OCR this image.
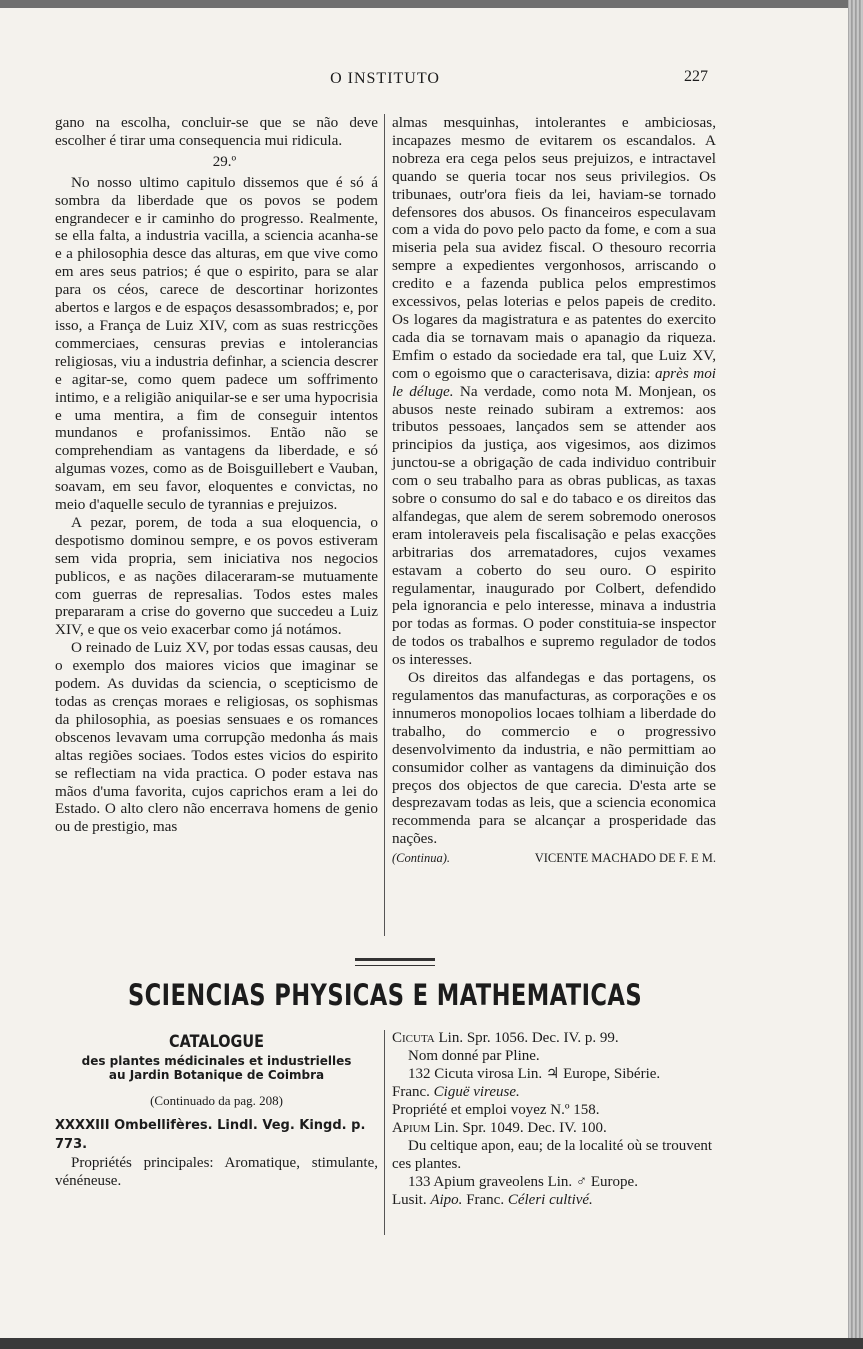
O INSTITUTO	227

gano na escolha, concluir-se que se não deve escolher é tirar uma consequencia mui ridicula.

29.º

No nosso ultimo capitulo dissemos que é só á sombra da liberdade que os povos se podem engrandecer e ir caminho do progresso. Realmente, se ella falta, a industria vacilla, a sciencia acanha-se e a philosophia desce das alturas, em que vive como em ares seus patrios; é que o espirito, para se alar para os céos, carece de descortinar horizontes abertos e largos e de espaços desassombrados; e, por isso, a França de Luiz XIV, com as suas restricções commerciaes, censuras previas e intolerancias religiosas, viu a industria definhar, a sciencia descrer e agitar-se, como quem padece um soffrimento intimo, e a religião aniquilar-se e ser uma hypocrisia e uma mentira, a fim de conseguir intentos mundanos e profanissimos. Então não se comprehendiam as vantagens da liberdade, e só algumas vozes, como as de Boisguillebert e Vauban, soavam, em seu favor, eloquentes e convictas, no meio d'aquelle seculo de tyrannias e prejuizos.

A pezar, porem, de toda a sua eloquencia, o despotismo dominou sempre, e os povos estiveram sem vida propria, sem iniciativa nos negocios publicos, e as nações dilaceraram-se mutuamente com guerras de represalias. Todos estes males prepararam a crise do governo que succedeu a Luiz XIV, e que os veio exacerbar como já notámos.

O reinado de Luiz XV, por todas essas causas, deu o exemplo dos maiores vicios que imaginar se podem. As duvidas da sciencia, o scepticismo de todas as crenças moraes e religiosas, os sophismas da philosophia, as poesias sensuaes e os romances obscenos levavam uma corrupção medonha ás mais altas regiões sociaes. Todos estes vicios do espirito se reflectiam na vida practica. O poder estava nas mãos d'uma favorita, cujos caprichos eram a lei do Estado. O alto clero não encerrava homens de genio ou de prestigio, mas

almas mesquinhas, intolerantes e ambiciosas, incapazes mesmo de evitarem os escandalos. A nobreza era cega pelos seus prejuizos, e intractavel quando se queria tocar nos seus privilegios. Os tribunaes, outr'ora fieis da lei, haviam-se tornado defensores dos abusos. Os financeiros especulavam com a vida do povo pelo pacto da fome, e com a sua miseria pela sua avidez fiscal. O thesouro recorria sempre a expedientes vergonhosos, arriscando o credito e a fazenda publica pelos emprestimos excessivos, pelas loterias e pelos papeis de credito. Os logares da magistratura e as patentes do exercito cada dia se tornavam mais o apanagio da riqueza. Emfim o estado da sociedade era tal, que Luiz XV, com o egoismo que o caracterisava, dizia: après moi le déluge. Na verdade, como nota M. Monjean, os abusos neste reinado subiram a extremos: aos tributos pessoaes, lançados sem se attender aos principios da justiça, aos vigesimos, aos dizimos junctou-se a obrigação de cada individuo contribuir com o seu trabalho para as obras publicas, as taxas sobre o consumo do sal e do tabaco e os direitos das alfandegas, que alem de serem sobremodo onerosos eram intoleraveis pela fiscalisação e pelas exacções arbitrarias dos arrematadores, cujos vexames estavam a coberto do seu ouro. O espirito regulamentar, inaugurado por Colbert, defendido pela ignorancia e pelo interesse, minava a industria por todas as formas. O poder constituia-se inspector de todos os trabalhos e supremo regulador de todos os interesses.

Os direitos das alfandegas e das portagens, os regulamentos das manufacturas, as corporações e os innumeros monopolios locaes tolhiam a liberdade do trabalho, do commercio e o progressivo desenvolvimento da industria, e não permittiam ao consumidor colher as vantagens da diminuição dos preços dos objectos de que carecia. D'esta arte se desprezavam todas as leis, que a sciencia economica recommenda para se alcançar a prosperidade das nações.

(Continua).	VICENTE MACHADO DE F. E M.
SCIENCIAS PHYSICAS E MATHEMATICAS

CATALOGUE

des plantes médicinales et industrielles

au Jardin Botanique de Coimbra

(Continuado da pag. 208)

XXXXIII Ombellifères. Lindl. Veg. Kingd. p. 773.

Propriétés principales: Aromatique, stimulante, vénéneuse.

Cicuta Lin. Spr. 1056. Dec. IV. p. 99.

Nom donné par Pline.

132 Cicuta virosa Lin. ♃ Europe, Sibérie.

Franc. Ciguë vireuse.

Propriété et emploi voyez N.º 158.

Apium Lin. Spr. 1049. Dec. IV. 100.

Du celtique apon, eau; de la localité où se trouvent ces plantes.

133 Apium graveolens Lin. ♂ Europe.

Lusit. Aipo. Franc. Céleri cultivé.
